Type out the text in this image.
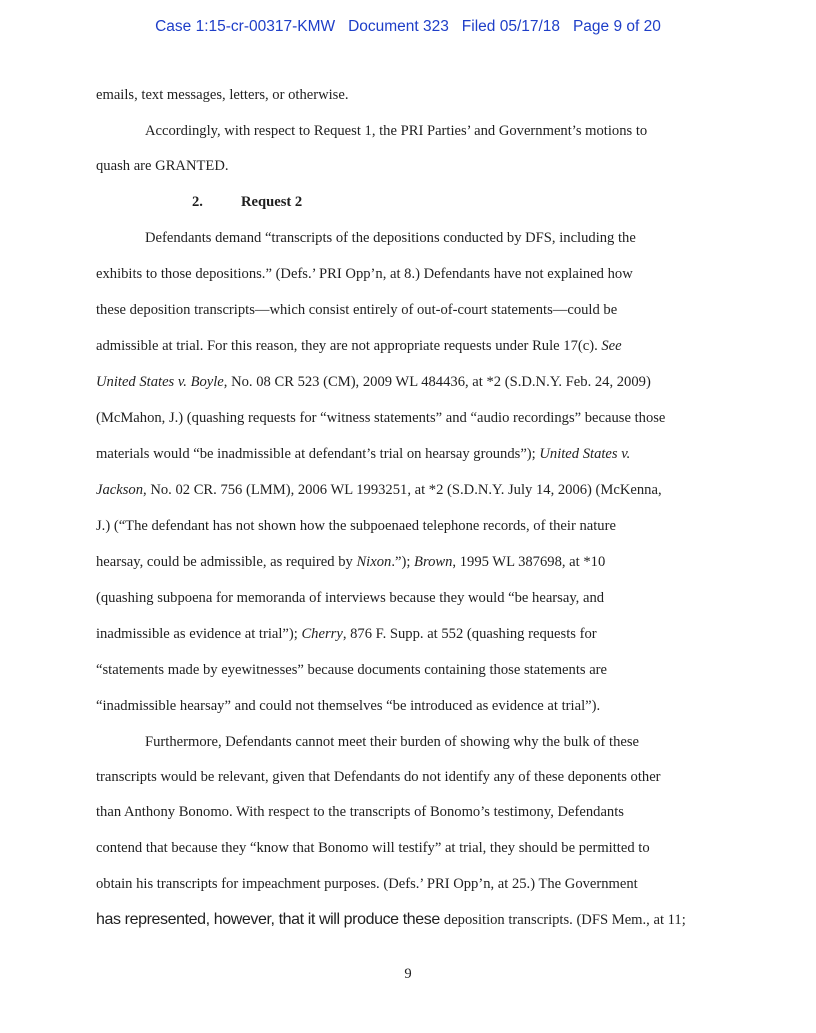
Case 1:15-cr-00317-KMW Document 323 Filed 05/17/18 Page 9 of 20
emails, text messages, letters, or otherwise.
Accordingly, with respect to Request 1, the PRI Parties’ and Government’s motions to
quash are GRANTED.
2.	Request 2
Defendants demand “transcripts of the depositions conducted by DFS, including the
exhibits to those depositions.” (Defs.’ PRI Opp’n, at 8.) Defendants have not explained how
these deposition transcripts—which consist entirely of out-of-court statements—could be
admissible at trial. For this reason, they are not appropriate requests under Rule 17(c). See
United States v. Boyle, No. 08 CR 523 (CM), 2009 WL 484436, at *2 (S.D.N.Y. Feb. 24, 2009)
(McMahon, J.) (quashing requests for “witness statements” and “audio recordings” because those
materials would “be inadmissible at defendant’s trial on hearsay grounds”); United States v.
Jackson, No. 02 CR. 756 (LMM), 2006 WL 1993251, at *2 (S.D.N.Y. July 14, 2006) (McKenna,
J.) (“The defendant has not shown how the subpoenaed telephone records, of their nature
hearsay, could be admissible, as required by Nixon.”); Brown, 1995 WL 387698, at *10
(quashing subpoena for memoranda of interviews because they would “be hearsay, and
inadmissible as evidence at trial”); Cherry, 876 F. Supp. at 552 (quashing requests for
“statements made by eyewitnesses” because documents containing those statements are
“inadmissible hearsay” and could not themselves “be introduced as evidence at trial”).
Furthermore, Defendants cannot meet their burden of showing why the bulk of these
transcripts would be relevant, given that Defendants do not identify any of these deponents other
than Anthony Bonomo. With respect to the transcripts of Bonomo’s testimony, Defendants
contend that because they “know that Bonomo will testify” at trial, they should be permitted to
obtain his transcripts for impeachment purposes. (Defs.’ PRI Opp’n, at 25.) The Government
has represented, however, that it will produce these deposition transcripts. (DFS Mem., at 11;
9
